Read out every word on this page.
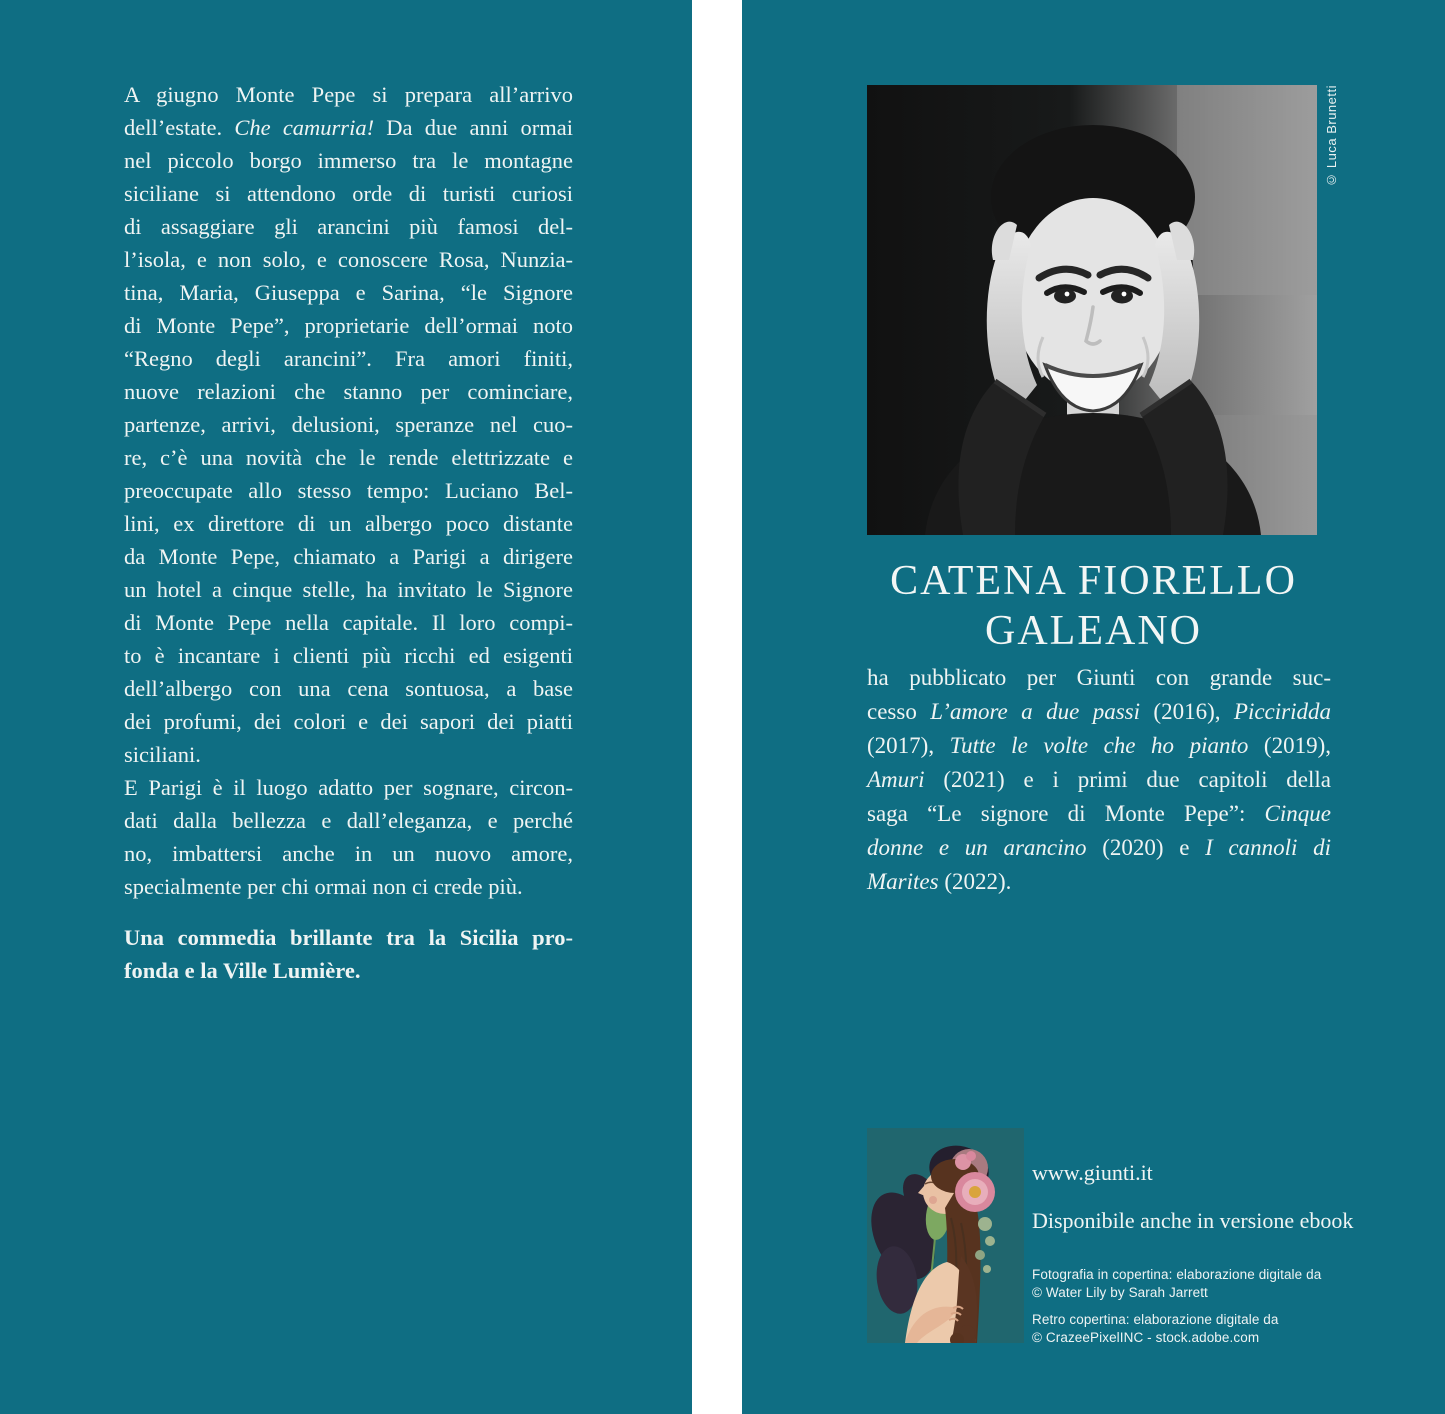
A giugno Monte Pepe si prepara all’arrivo
dell’estate. Che camurria! Da due anni ormai
nel piccolo borgo immerso tra le montagne
siciliane si attendono orde di turisti curiosi
di assaggiare gli arancini più famosi del-
l’isola, e non solo, e conoscere Rosa, Nunzia-
tina, Maria, Giuseppa e Sarina, “le Signore
di Monte Pepe”, proprietarie dell’ormai noto
“Regno degli arancini”. Fra amori finiti,
nuove relazioni che stanno per cominciare,
partenze, arrivi, delusioni, speranze nel cuo-
re, c’è una novità che le rende elettrizzate e
preoccupate allo stesso tempo: Luciano Bel-
lini, ex direttore di un albergo poco distante
da Monte Pepe, chiamato a Parigi a dirigere
un hotel a cinque stelle, ha invitato le Signore
di Monte Pepe nella capitale. Il loro compi-
to è incantare i clienti più ricchi ed esigenti
dell’albergo con una cena sontuosa, a base
dei profumi, dei colori e dei sapori dei piatti
siciliani.
E Parigi è il luogo adatto per sognare, circon-
dati dalla bellezza e dall’eleganza, e perché
no, imbattersi anche in un nuovo amore,
specialmente per chi ormai non ci crede più.
Una commedia brillante tra la Sicilia pro-
fonda e la Ville Lumière.
© Luca Brunetti
CATENA FIORELLO
GALEANO
ha pubblicato per Giunti con grande suc-
cesso L’amore a due passi (2016), Picciridda
(2017), Tutte le volte che ho pianto (2019),
Amuri (2021) e i primi due capitoli della
saga “Le signore di Monte Pepe”: Cinque
donne e un arancino (2020) e I cannoli di
Marites (2022).
www.giunti.it
Disponibile anche in versione ebook
Fotografia in copertina: elaborazione digitale da
© Water Lily by Sarah Jarrett
Retro copertina: elaborazione digitale da
© CrazeePixelINC - stock.adobe.com
